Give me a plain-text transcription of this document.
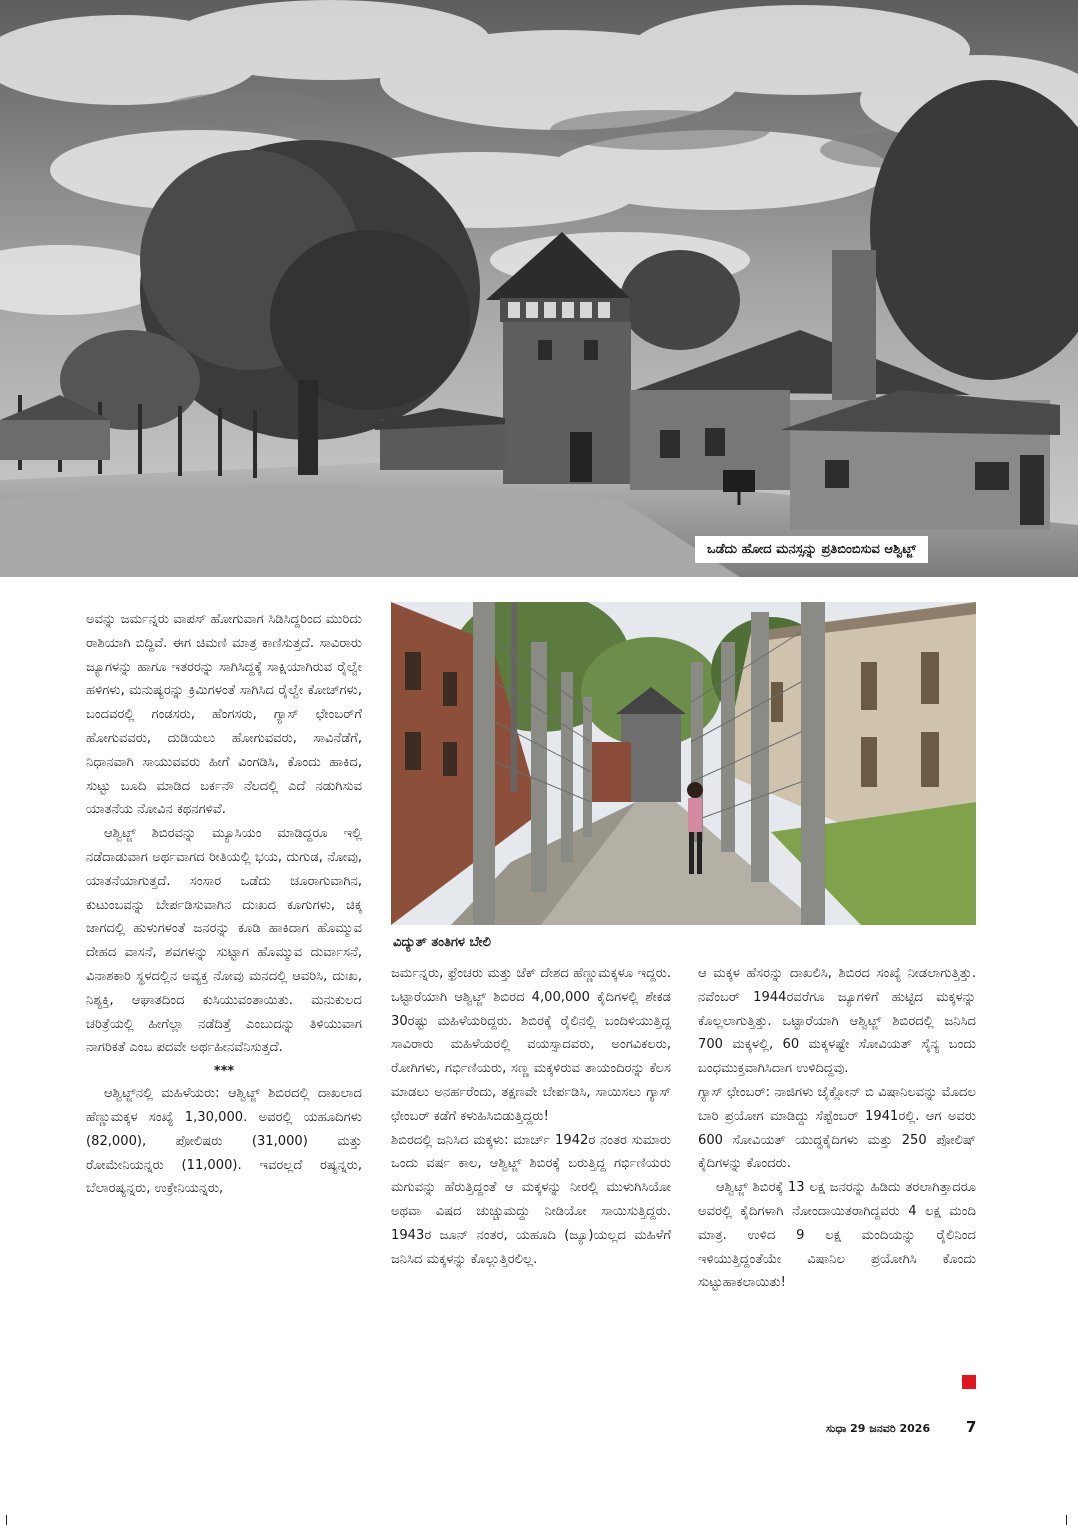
ಒಡೆದು ಹೋದ ಮನಸ್ಸನ್ನು ಪ್ರತಿಬಿಂಬಿಸುವ ಆಶ್ವಿಟ್ಜ್
ವಿದ್ಯುತ್ ತಂತಿಗಳ ಬೇಲಿ

ಅವನ್ನು ಜರ್ಮನ್ನರು ವಾಪಸ್ ಹೋಗುವಾಗ ಸಿಡಿಸಿದ್ದರಿಂದ ಮುರಿದು ರಾಶಿಯಾಗಿ ಬಿದ್ದಿವೆ. ಈಗ ಚಿಮಣಿ ಮಾತ್ರ ಕಾಣಿಸುತ್ತದೆ. ಸಾವಿರಾರು ಜ್ಯೂಗಳನ್ನು ಹಾಗೂ ಇತರರನ್ನು ಸಾಗಿಸಿದ್ದಕ್ಕೆ ಸಾಕ್ಷಿಯಾಗಿರುವ ರೈಲ್ವೇ ಹಳಿಗಳು, ಮನುಷ್ಯರನ್ನು ಕ್ರಿಮಿಗಳಂತೆ ಸಾಗಿಸಿದ ರೈಲ್ವೇ ಕೋಚ್‌ಗಳು, ಬಂದವರಲ್ಲಿ ಗಂಡಸರು, ಹೆಂಗಸರು, ಗ್ಯಾಸ್ ಛೇಂಬರ್‌ಗೆ ಹೋಗುವವರು, ದುಡಿಯಲು ಹೋಗುವವರು, ಸಾವಿನೆಡೆಗೆ, ನಿಧಾನವಾಗಿ ಸಾಯುವವರು ಹೀಗೆ ವಿಂಗಡಿಸಿ, ಕೊಂದು ಹಾಕಿದ, ಸುಟ್ಟು ಬೂದಿ ಮಾಡಿದ ಬರ್ಕನೌ ನೆಲದಲ್ಲಿ ಎದೆ ನಡುಗಿಸುವ ಯಾತನೆಯ ನೋವಿನ ಕಥನಗಳಿವೆ.

ಆಶ್ವಿಟ್ಜ್ ಶಿಬಿರವನ್ನು ಮ್ಯೂಸಿಯಂ ಮಾಡಿದ್ದರೂ ಇಲ್ಲಿ ನಡೆದಾಡುವಾಗ ಅರ್ಥವಾಗದ ರೀತಿಯಲ್ಲಿ ಭಯ, ದುಗುಡ, ನೋವು, ಯಾತನೆಯಾಗುತ್ತದೆ. ಸಂಸಾರ ಒಡೆದು ಚೂರಾಗುವಾಗಿನ, ಕುಟುಂಬವನ್ನು ಬೇರ್ಪಡಿಸುವಾಗಿನ ದುಃಖದ ಕೂಗುಗಳು, ಚಿಕ್ಕ ಜಾಗದಲ್ಲಿ ಹುಳುಗಳಂತೆ ಜನರನ್ನು ಕೂಡಿ ಹಾಕಿದಾಗ ಹೊಮ್ಮುವ ದೇಹದ ವಾಸನೆ, ಶವಗಳನ್ನು ಸುಟ್ಟಾಗ ಹೊಮ್ಮುವ ದುರ್ವಾಸನೆ, ವಿನಾಶಕಾರಿ ಸ್ಥಳದಲ್ಲಿನ ಅವ್ಯಕ್ತ ನೋವು ಮನದಲ್ಲಿ ಆವರಿಸಿ, ದುಃಖ, ನಿಶ್ಯಕ್ತಿ, ಆಘಾತದಿಂದ ಕುಸಿಯುವಂತಾಯಿತು. ಮನುಕುಲದ ಚರಿತ್ರೆಯಲ್ಲಿ ಹೀಗೆಲ್ಲಾ ನಡೆದಿತ್ತೆ ಎಂಬುದನ್ನು ತಿಳಿಯುವಾಗ ನಾಗರಿಕತೆ ಎಂಬ ಪದವೇ ಅರ್ಥಹೀನವೆನಿಸುತ್ತದೆ.

***

ಆಶ್ವಿಟ್ಜ್‌ನಲ್ಲಿ ಮಹಿಳೆಯರು: ಆಶ್ವಿಟ್ಜ್ ಶಿಬಿರದಲ್ಲಿ ದಾಖಲಾದ ಹೆಣ್ಣುಮಕ್ಕಳ ಸಂಖ್ಯೆ 1,30,000. ಅವರಲ್ಲಿ ಯಹೂದಿಗಳು (82,000), ಪೋಲಿಷರು (31,000) ಮತ್ತು ರೋಮೇನಿಯನ್ನರು (11,000). ಇವರಲ್ಲದೆ ರಷ್ಯನ್ನರು, ಬೆಲಾರಷ್ಯನ್ನರು, ಉಕ್ರೇನಿಯನ್ನರು,

ಜರ್ಮನ್ನರು, ಫ್ರೆಂಚರು ಮತ್ತು ಜೆಕ್ ದೇಶದ ಹೆಣ್ಣುಮಕ್ಕಳೂ ಇದ್ದರು. ಒಟ್ಟಾರೆಯಾಗಿ ಆಶ್ವಿಟ್ಜ್ ಶಿಬಿರದ 4,00,000 ಕೈದಿಗಳಲ್ಲಿ ಶೇಕಡ 30ರಷ್ಟು ಮಹಿಳೆಯರಿದ್ದರು. ಶಿಬಿರಕ್ಕೆ ರೈಲಿನಲ್ಲಿ ಬಂದಿಳಿಯುತ್ತಿದ್ದ ಸಾವಿರಾರು ಮಹಿಳೆಯರಲ್ಲಿ ವಯಸ್ಸಾದವರು, ಅಂಗವಿಕಲರು, ರೋಗಿಗಳು, ಗರ್ಭಿಣಿಯರು, ಸಣ್ಣ ಮಕ್ಕಳಿರುವ ತಾಯಂದಿರನ್ನು ಕೆಲಸ ಮಾಡಲು ಅನರ್ಹರೆಂದು, ತಕ್ಷಣವೇ ಬೇರ್ಪಡಿಸಿ, ಸಾಯಿಸಲು ಗ್ಯಾಸ್ ಛೇಂಬರ್ ಕಡೆಗೆ ಕಳುಹಿಸಿಬಿಡುತ್ತಿದ್ದರು!

ಶಿಬಿರದಲ್ಲಿ ಜನಿಸಿದ ಮಕ್ಕಳು: ಮಾರ್ಚ್ 1942ರ ನಂತರ ಸುಮಾರು ಒಂದು ವರ್ಷ ಕಾಲ, ಆಶ್ವಿಟ್ಜ್ ಶಿಬಿರಕ್ಕೆ ಬರುತ್ತಿದ್ದ ಗರ್ಭಿಣಿಯರು ಮಗುವನ್ನು ಹೆರುತ್ತಿದ್ದಂತೆ ಆ ಮಕ್ಕಳನ್ನು ನೀರಲ್ಲಿ ಮುಳುಗಿಸಿಯೋ ಅಥವಾ ವಿಷದ ಚುಚ್ಚುಮದ್ದು ನೀಡಿಯೋ ಸಾಯಿಸುತ್ತಿದ್ದರು. 1943ರ ಜೂನ್ ನಂತರ, ಯಹೂದಿ (ಜ್ಯೂ)ಯಲ್ಲದ ಮಹಿಳೆಗೆ ಜನಿಸಿದ ಮಕ್ಕಳನ್ನು ಕೊಲ್ಲುತ್ತಿರಲಿಲ್ಲ.

ಆ ಮಕ್ಕಳ ಹೆಸರನ್ನು ದಾಖಲಿಸಿ, ಶಿಬಿರದ ಸಂಖ್ಯೆ ನೀಡಲಾಗುತ್ತಿತ್ತು. ನವೆಂಬರ್ 1944ರವರೆಗೂ ಜ್ಯೂಗಳಿಗೆ ಹುಟ್ಟಿದ ಮಕ್ಕಳನ್ನು ಕೊಲ್ಲಲಾಗುತ್ತಿತ್ತು. ಒಟ್ಟಾರೆಯಾಗಿ ಆಶ್ವಿಟ್ಜ್ ಶಿಬಿರದಲ್ಲಿ ಜನಿಸಿದ 700 ಮಕ್ಕಳಲ್ಲಿ, 60 ಮಕ್ಕಳಷ್ಟೇ ಸೋವಿಯತ್ ಸೈನ್ಯ ಬಂದು ಬಂಧಮುಕ್ತವಾಗಿಸಿದಾಗ ಉಳಿದಿದ್ದವು.

ಗ್ಯಾಸ್ ಛೇಂಬರ್: ನಾಜಿಗಳು ಜೈಕ್ಲೋನ್ ಬಿ ವಿಷಾನಿಲವನ್ನು ಮೊದಲ ಬಾರಿ ಪ್ರಯೋಗ ಮಾಡಿದ್ದು ಸೆಪ್ಟೆಂಬರ್ 1941ರಲ್ಲಿ. ಆಗ ಅವರು 600 ಸೋವಿಯತ್ ಯುದ್ಧಕೈದಿಗಳು ಮತ್ತು 250 ಪೋಲಿಷ್ ಕೈದಿಗಳನ್ನು ಕೊಂದರು.

ಆಶ್ವಿಟ್ಜ್ ಶಿಬಿರಕ್ಕೆ 13 ಲಕ್ಷ ಜನರನ್ನು ಹಿಡಿದು ತರಲಾಗಿತ್ತಾದರೂ ಅವರಲ್ಲಿ ಕೈದಿಗಳಾಗಿ ನೋಂದಾಯಿತರಾಗಿದ್ದವರು 4 ಲಕ್ಷ ಮಂದಿ ಮಾತ್ರ. ಉಳಿದ 9 ಲಕ್ಷ ಮಂದಿಯನ್ನು ರೈಲಿನಿಂದ ಇಳಿಯುತ್ತಿದ್ದಂತೆಯೇ ವಿಷಾನಿಲ ಪ್ರಯೋಗಿಸಿ ಕೊಂದು ಸುಟ್ಟುಹಾಕಲಾಯಿತು!

ಸುಧಾ 29 ಜನವರಿ 2026 7
